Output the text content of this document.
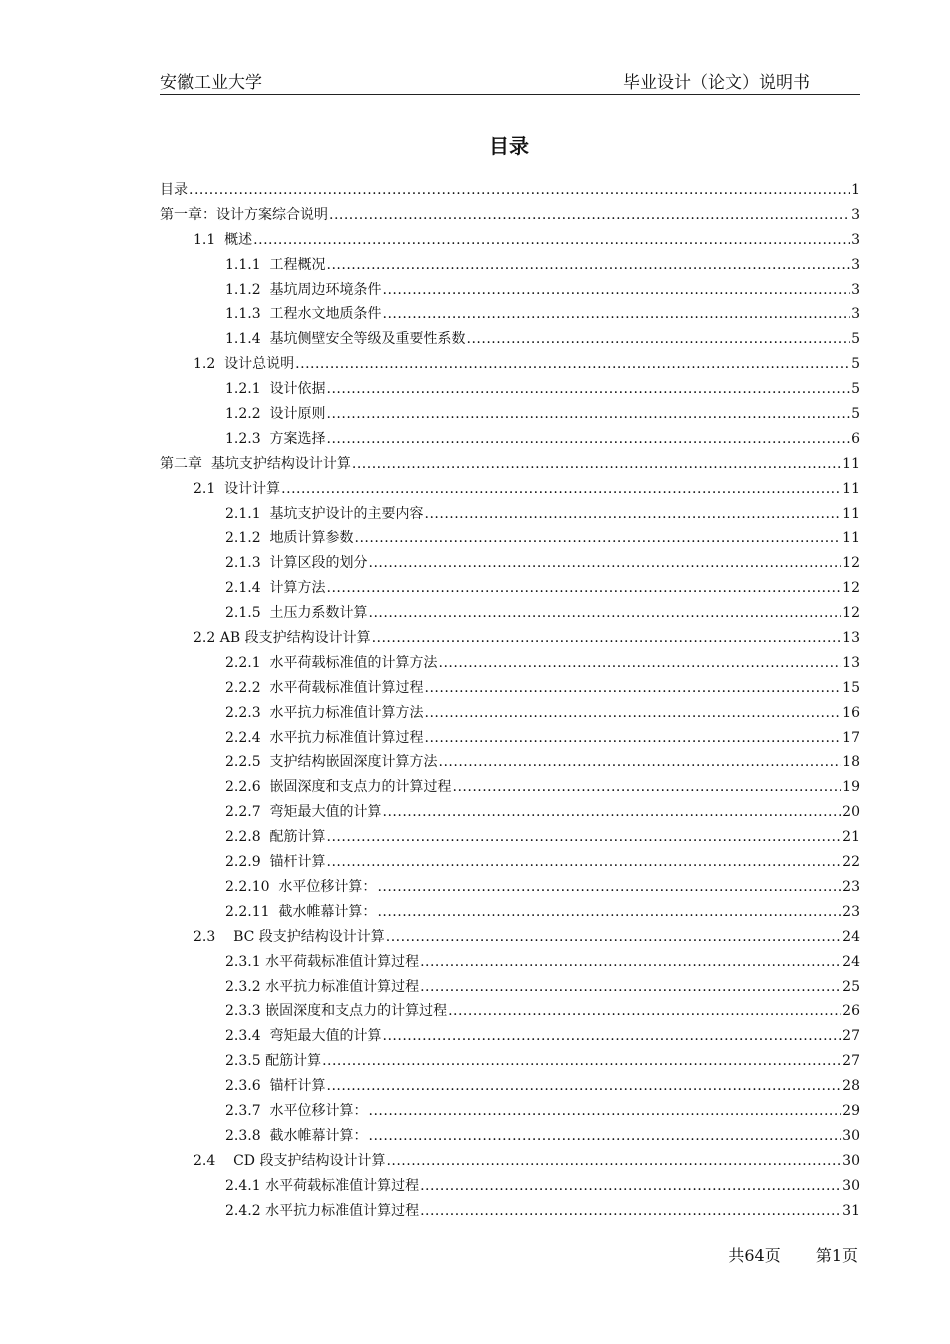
安徽工业大学	毕业设计（论文）说明书
目录
目录 .....	1
第一章：设计方案综合说明 .....	3
1.1  概述 .....	3
1.1.1  工程概况 .....	3
1.1.2  基坑周边环境条件 .....	3
1.1.3  工程水文地质条件 .....	3
1.1.4  基坑侧壁安全等级及重要性系数 .....	5
1.2  设计总说明 .....	5
1.2.1  设计依据 .....	5
1.2.2  设计原则 .....	5
1.2.3  方案选择 .....	6
第二章  基坑支护结构设计计算 .....	11
2.1  设计计算 .....	11
2.1.1  基坑支护设计的主要内容 .....	11
2.1.2  地质计算参数 .....	11
2.1.3  计算区段的划分 .....	12
2.1.4  计算方法 .....	12
2.1.5  土压力系数计算 .....	12
2.2 AB 段支护结构设计计算 .....	13
2.2.1  水平荷载标准值的计算方法 .....	13
2.2.2  水平荷载标准值计算过程 .....	15
2.2.3  水平抗力标准值计算方法 .....	16
2.2.4  水平抗力标准值计算过程 .....	17
2.2.5  支护结构嵌固深度计算方法 .....	18
2.2.6  嵌固深度和支点力的计算过程 .....	19
2.2.7  弯矩最大值的计算 .....	20
2.2.8  配筋计算 .....	21
2.2.9  锚杆计算 .....	22
2.2.10  水平位移计算： .....	23
2.2.11  截水帷幕计算： .....	23
2.3    BC 段支护结构设计计算 .....	24
2.3.1 水平荷载标准值计算过程 .....	24
2.3.2 水平抗力标准值计算过程 .....	25
2.3.3 嵌固深度和支点力的计算过程 .....	26
2.3.4  弯矩最大值的计算 .....	27
2.3.5 配筋计算 .....	27
2.3.6  锚杆计算 .....	28
2.3.7  水平位移计算： .....	29
2.3.8  截水帷幕计算： .....	30
2.4    CD 段支护结构设计计算 .....	30
2.4.1 水平荷载标准值计算过程 .....	30
2.4.2 水平抗力标准值计算过程 .....	31
共64页 第1页
